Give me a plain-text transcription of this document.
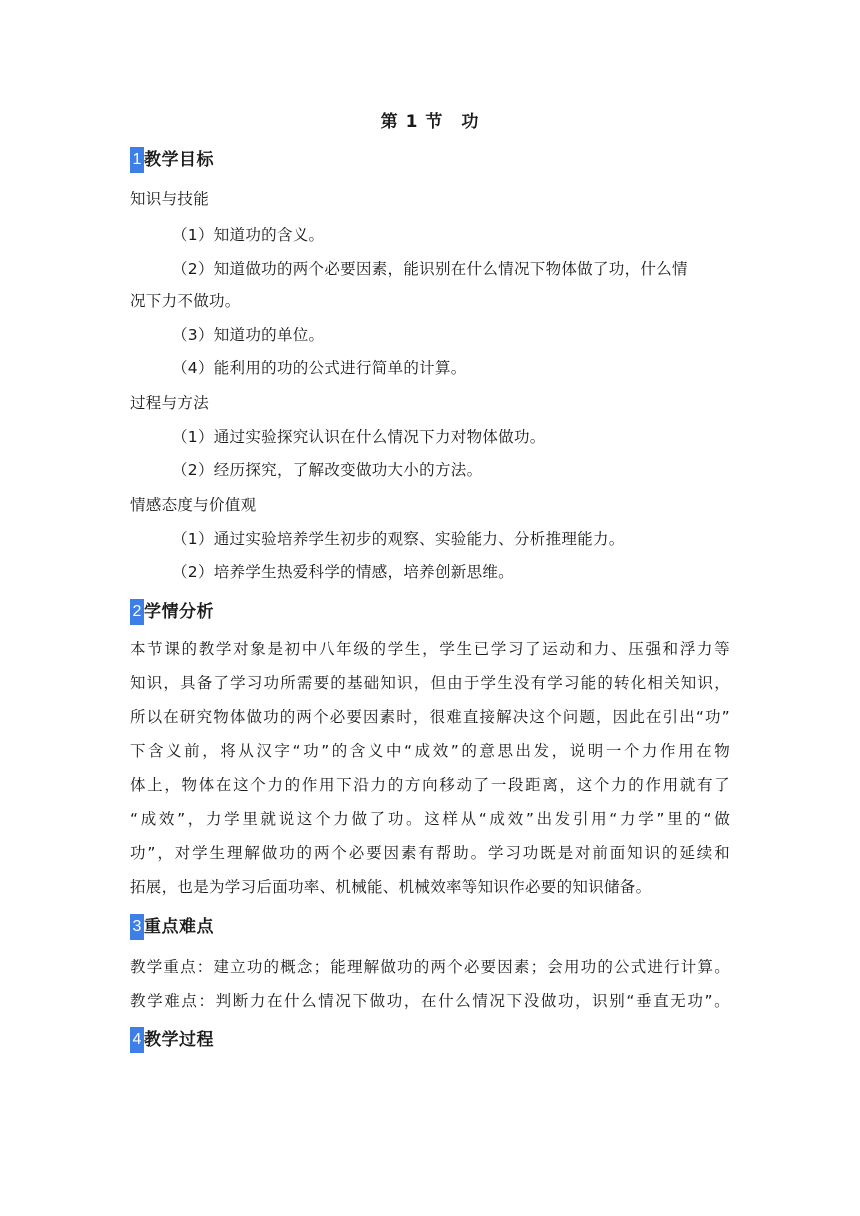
第 1 节　功
1 教学目标
知识与技能
（1）知道功的含义。
（2）知道做功的两个必要因素，能识别在什么情况下物体做了功，什么情
况下力不做功。
（3）知道功的单位。
（4）能利用的功的公式进行简单的计算。
过程与方法
（1）通过实验探究认识在什么情况下力对物体做功。
（2）经历探究，了解改变做功大小的方法。
情感态度与价值观
（1）通过实验培养学生初步的观察、实验能力、分析推理能力。
（2）培养学生热爱科学的情感，培养创新思维。
2 学情分析
本节课的教学对象是初中八年级的学生，学生已学习了运动和力、压强和浮力等
知识，具备了学习功所需要的基础知识，但由于学生没有学习能的转化相关知识，
所以在研究物体做功的两个必要因素时，很难直接解决这个问题，因此在引出“功”
下含义前，将从汉字“功”的含义中“成效”的意思出发，说明一个力作用在物
体上，物体在这个力的作用下沿力的方向移动了一段距离，这个力的作用就有了
“成效”，力学里就说这个力做了功。这样从“成效”出发引用“力学”里的“做
功”，对学生理解做功的两个必要因素有帮助。学习功既是对前面知识的延续和
拓展，也是为学习后面功率、机械能、机械效率等知识作必要的知识储备。
3 重点难点
教学重点：建立功的概念；能理解做功的两个必要因素；会用功的公式进行计算。
教学难点：判断力在什么情况下做功，在什么情况下没做功，识别“垂直无功”。
4 教学过程
